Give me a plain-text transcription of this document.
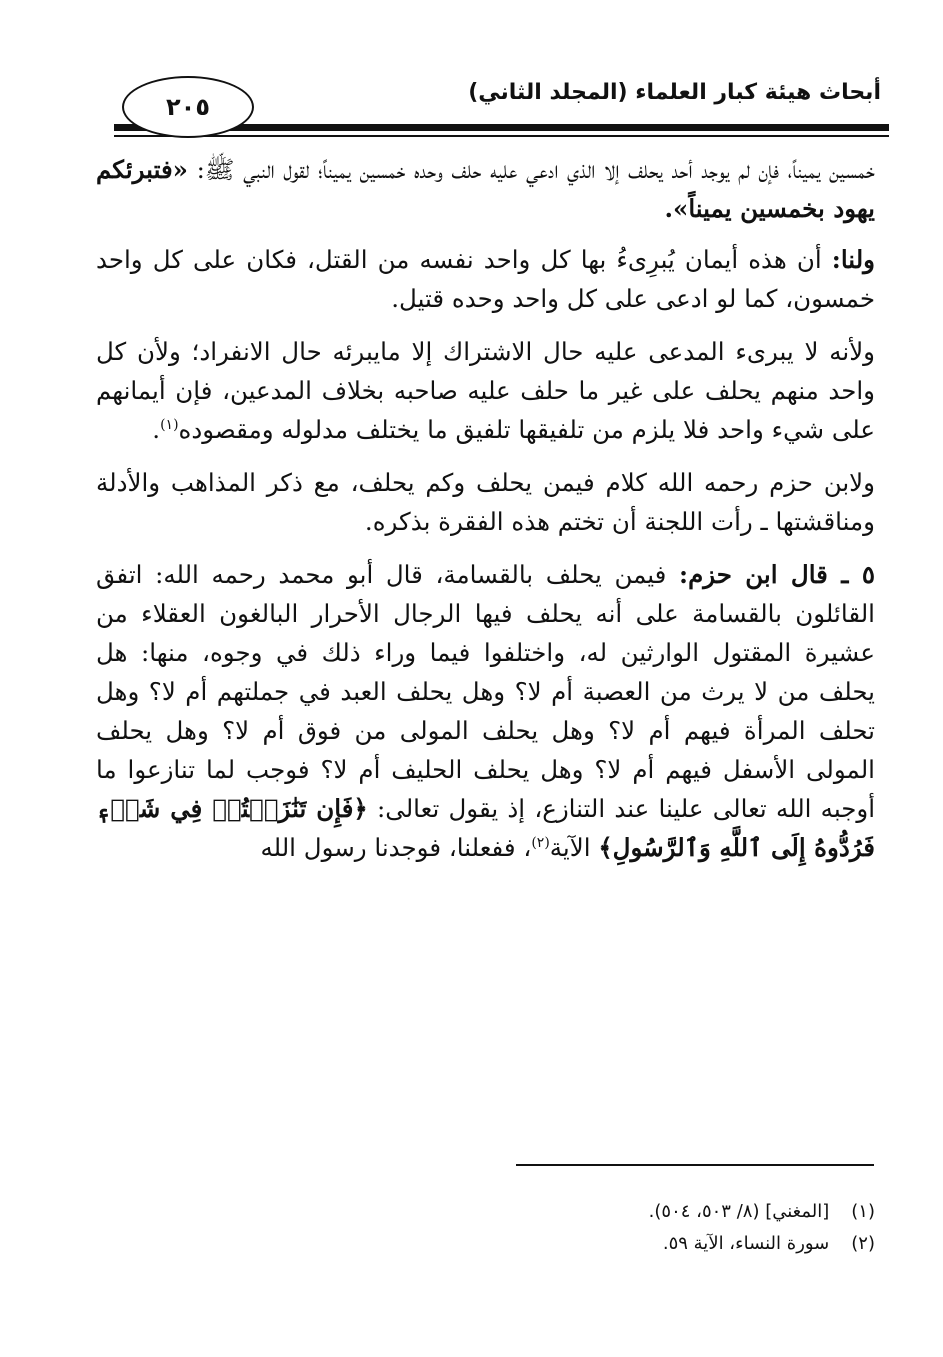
أبحاث هيئة كبار العلماء (المجلد الثاني)
٢٠٥

خمسين يميناً، فإن لم يوجد أحد يحلف إلا الذي ادعي عليه حلف وحده خمسين يميناً؛ لقول النبي ﷺ: «فتبرئكم يهود بخمسين يميناً».

ولنا: أن هذه أيمان يُبرِىءُ بها كل واحد نفسه من القتل، فكان على كل واحد خمسون، كما لو ادعى على كل واحد وحده قتيل.

ولأنه لا يبرىء المدعى عليه حال الاشتراك إلا مايبرئه حال الانفراد؛ ولأن كل واحد منهم يحلف على غير ما حلف عليه صاحبه بخلاف المدعين، فإن أيمانهم على شيء واحد فلا يلزم من تلفيقها تلفيق ما يختلف مدلوله ومقصوده$^{(١)}$.

ولابن حزم رحمه الله كلام فيمن يحلف وكم يحلف، مع ذكر المذاهب والأدلة ومناقشتها ـ رأت اللجنة أن تختم هذه الفقرة بذكره.

٥ ـ قال ابن حزم: فيمن يحلف بالقسامة، قال أبو محمد رحمه الله: اتفق القائلون بالقسامة على أنه يحلف فيها الرجال الأحرار البالغون العقلاء من عشيرة المقتول الوارثين له، واختلفوا فيما وراء ذلك في وجوه، منها: هل يحلف من لا يرث من العصبة أم لا؟ وهل يحلف العبد في جملتهم أم لا؟ وهل تحلف المرأة فيهم أم لا؟ وهل يحلف المولى من فوق أم لا؟ وهل يحلف المولى الأسفل فيهم أم لا؟ وهل يحلف الحليف أم لا؟ فوجب لما تنازعوا ما أوجبه الله تعالى علينا عند التنازع، إذ يقول تعالى: ﴿فَإِن تَنَٰزَعۡتُمۡ فِي شَيۡءٖ فَرُدُّوهُ إِلَى ٱللَّهِ وَٱلرَّسُولِ﴾ الآية$^{(٢)}$، ففعلنا، فوجدنا رسول الله

(١)
[المغني] (٨/ ٥٠٣، ٥٠٤).
(٢)
سورة النساء، الآية ٥٩.
